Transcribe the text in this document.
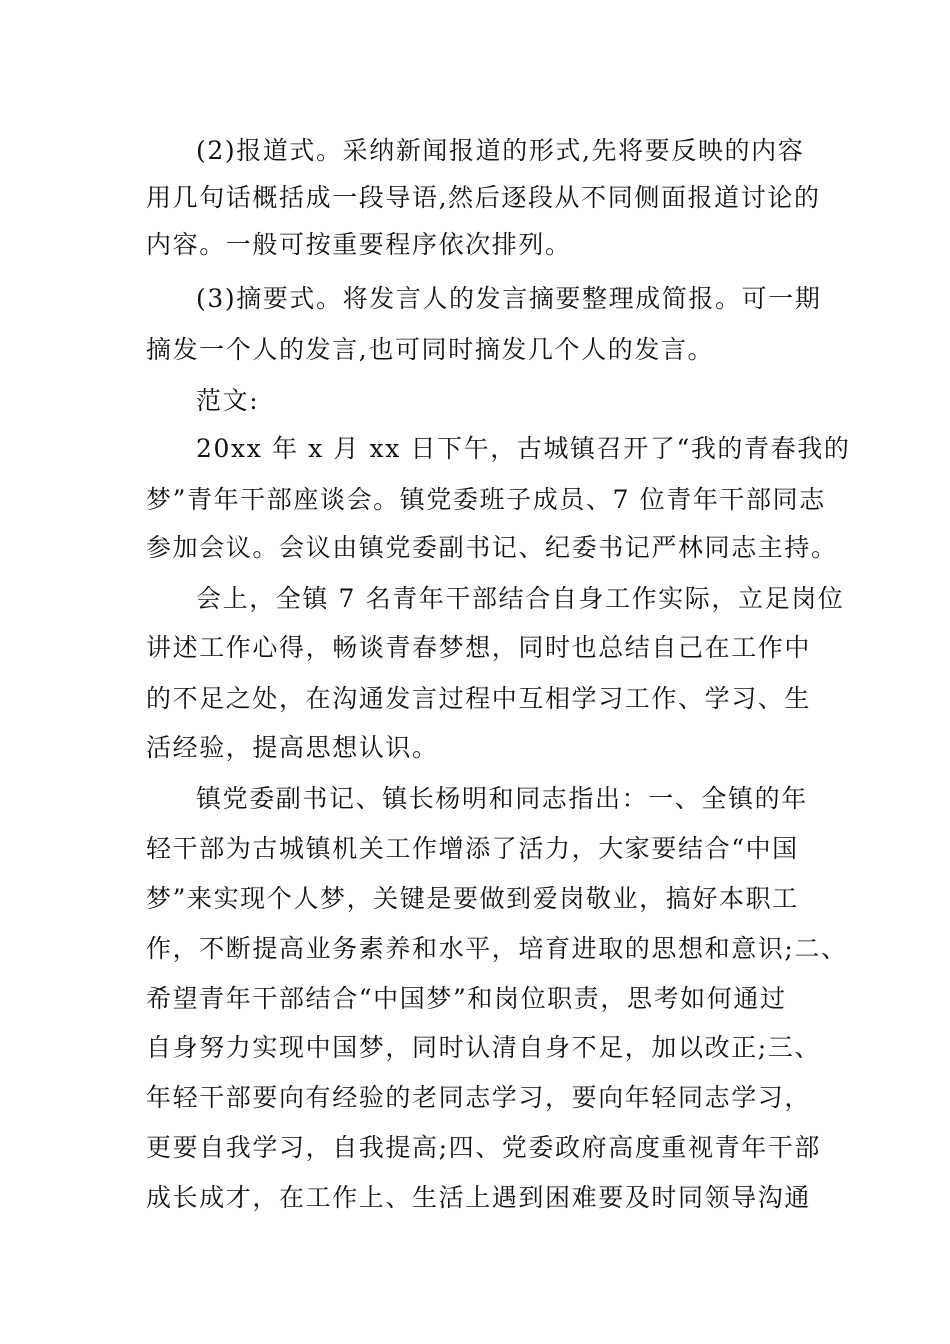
(2)报道式。采纳新闻报道的形式,先将要反映的内容
用几句话概括成一段导语,然后逐段从不同侧面报道讨论的
内容。一般可按重要程序依次排列。
(3)摘要式。将发言人的发言摘要整理成简报。可一期
摘发一个人的发言,也可同时摘发几个人的发言。
范文:
20xx 年 x 月 xx 日下午，古城镇召开了“我的青春我的
梦”青年干部座谈会。镇党委班子成员、7 位青年干部同志
参加会议。会议由镇党委副书记、纪委书记严林同志主持。
会上，全镇 7 名青年干部结合自身工作实际，立足岗位
讲述工作心得，畅谈青春梦想，同时也总结自己在工作中
的不足之处，在沟通发言过程中互相学习工作、学习、生
活经验，提高思想认识。
镇党委副书记、镇长杨明和同志指出：一、全镇的年
轻干部为古城镇机关工作增添了活力，大家要结合“中国
梦”来实现个人梦，关键是要做到爱岗敬业，搞好本职工
作，不断提高业务素养和水平，培育进取的思想和意识;二、
希望青年干部结合“中国梦”和岗位职责，思考如何通过
自身努力实现中国梦，同时认清自身不足，加以改正;三、
年轻干部要向有经验的老同志学习，要向年轻同志学习，
更要自我学习，自我提高;四、党委政府高度重视青年干部
成长成才，在工作上、生活上遇到困难要及时同领导沟通
